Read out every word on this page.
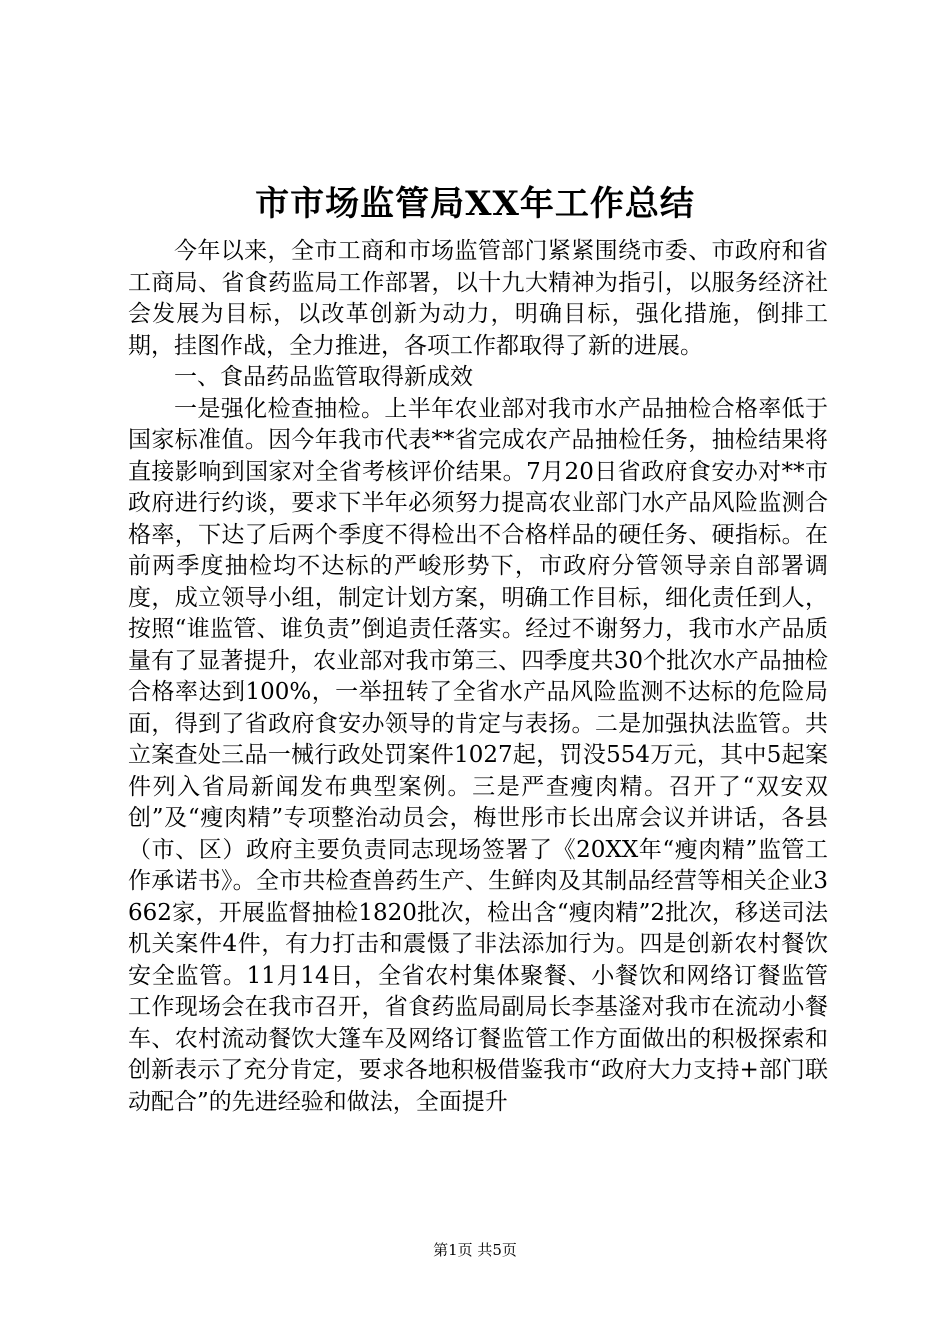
市市场监管局XX年工作总结

今年以来，全市工商和市场监管部门紧紧围绕市委、市政府和省工商局、省食药监局工作部署，以十九大精神为指引，以服务经济社会发展为目标，以改革创新为动力，明确目标，强化措施，倒排工期，挂图作战，全力推进，各项工作都取得了新的进展。

一、食品药品监管取得新成效

一是强化检查抽检。上半年农业部对我市水产品抽检合格率低于国家标准值。因今年我市代表**省完成农产品抽检任务，抽检结果将直接影响到国家对全省考核评价结果。7月20日省政府食安办对**市政府进行约谈，要求下半年必须努力提高农业部门水产品风险监测合格率，下达了后两个季度不得检出不合格样品的硬任务、硬指标。在前两季度抽检均不达标的严峻形势下，市政府分管领导亲自部署调度，成立领导小组，制定计划方案，明确工作目标，细化责任到人，按照“谁监管、谁负责”倒追责任落实。经过不谢努力，我市水产品质量有了显著提升，农业部对我市第三、四季度共30个批次水产品抽检合格率达到100%，一举扭转了全省水产品风险监测不达标的危险局面，得到了省政府食安办领导的肯定与表扬。二是加强执法监管。共立案查处三品一械行政处罚案件1027起，罚没554万元，其中5起案件列入省局新闻发布典型案例。三是严查瘦肉精。召开了“双安双创”及“瘦肉精”专项整治动员会，梅世彤市长出席会议并讲话，各县（市、区）政府主要负责同志现场签署了《20XX年“瘦肉精”监管工作承诺书》。全市共检查兽药生产、生鲜肉及其制品经营等相关企业3662家，开展监督抽检1820批次，检出含“瘦肉精”2批次，移送司法机关案件4件，有力打击和震慑了非法添加行为。四是创新农村餐饮安全监管。11月14日，全省农村集体聚餐、小餐饮和网络订餐监管工作现场会在我市召开，省食药监局副局长李基滏对我市在流动小餐车、农村流动餐饮大篷车及网络订餐监管工作方面做出的积极探索和创新表示了充分肯定，要求各地积极借鉴我市“政府大力支持+部门联动配合”的先进经验和做法，全面提升

第1页 共5页
